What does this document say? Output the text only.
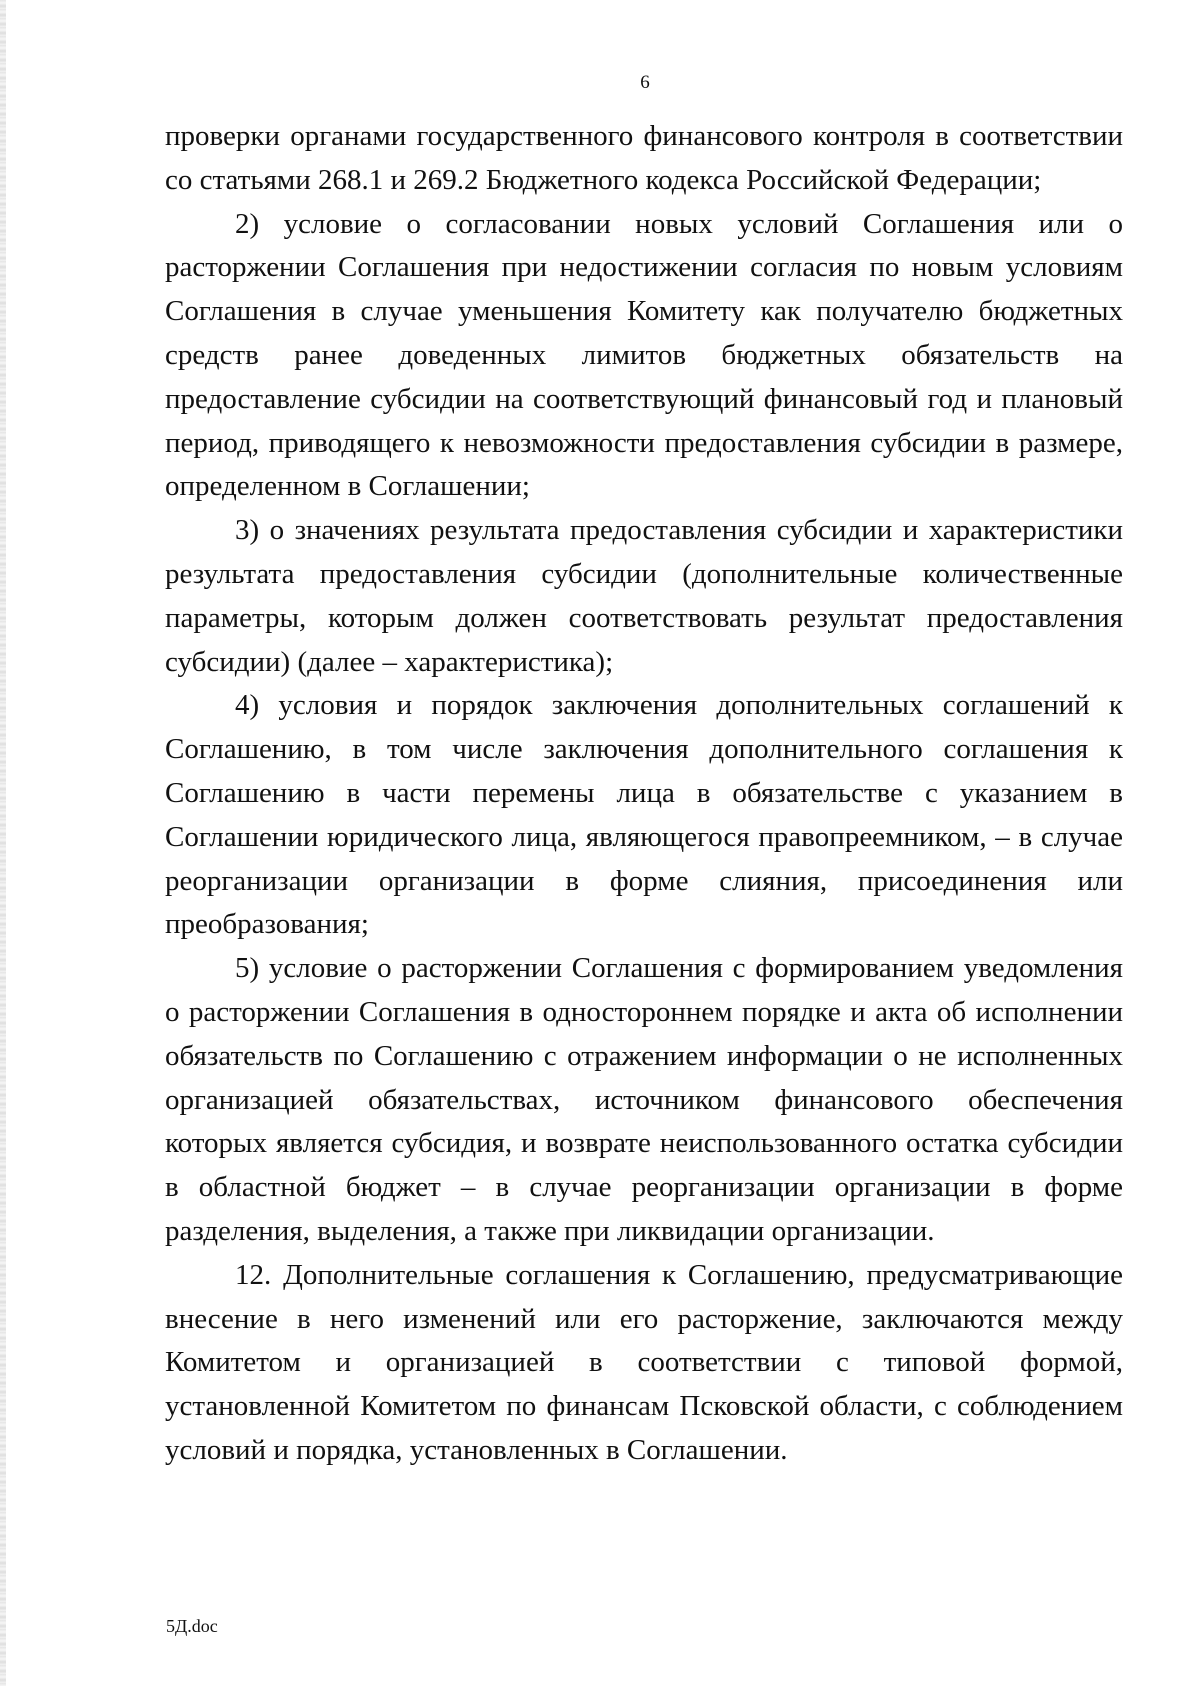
6

проверки органами государственного финансового контроля в соответствии со статьями 268.1 и 269.2 Бюджетного кодекса Российской Федерации;

2) условие о согласовании новых условий Соглашения или о расторжении Соглашения при недостижении согласия по новым условиям Соглашения в случае уменьшения Комитету как получателю бюджетных средств ранее доведенных лимитов бюджетных обязательств на предоставление субсидии на соответствующий финансовый год и плановый период, приводящего к невозможности предоставления субсидии в размере, определенном в Соглашении;

3) о значениях результата предоставления субсидии и характеристики результата предоставления субсидии (дополнительные количественные параметры, которым должен соответствовать результат предоставления субсидии) (далее – характеристика);

4) условия и порядок заключения дополнительных соглашений к Соглашению, в том числе заключения дополнительного соглашения к Соглашению в части перемены лица в обязательстве с указанием в Соглашении юридического лица, являющегося правопреемником, – в случае реорганизации организации в форме слияния, присоединения или преобразования;

5) условие о расторжении Соглашения с формированием уведомления о расторжении Соглашения в одностороннем порядке и акта об исполнении обязательств по Соглашению с отражением информации о не исполненных организацией обязательствах, источником финансового обеспечения которых является субсидия, и возврате неиспользованного остатка субсидии в областной бюджет – в случае реорганизации организации в форме разделения, выделения, а также при ликвидации организации.

12. Дополнительные соглашения к Соглашению, предусматривающие внесение в него изменений или его расторжение, заключаются между Комитетом и организацией в соответствии с типовой формой, установленной Комитетом по финансам Псковской области, с соблюдением условий и порядка, установленных в Соглашении.

5Д.doc
